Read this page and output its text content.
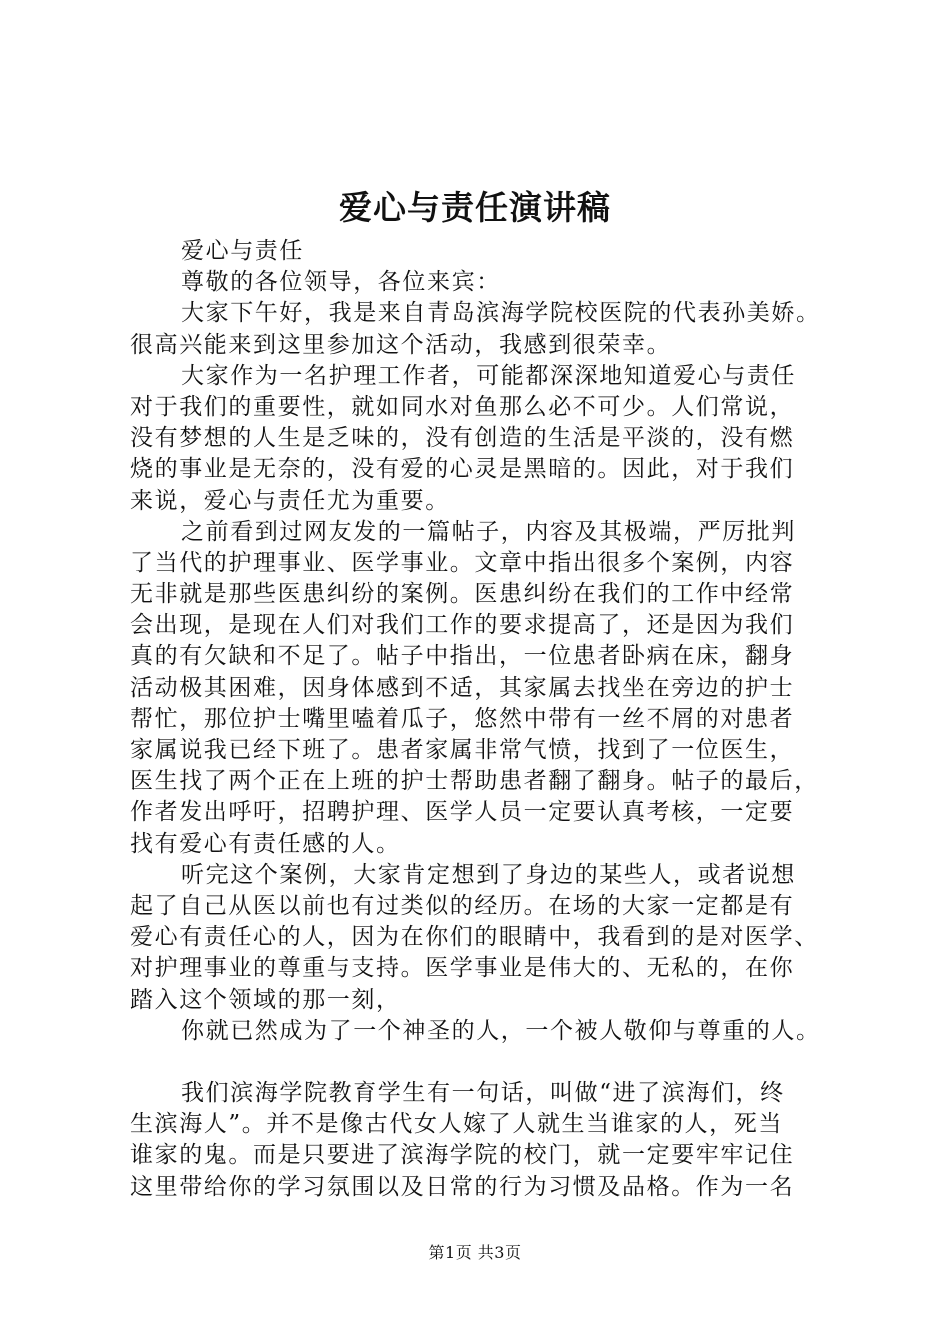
爱心与责任演讲稿
爱心与责任
尊敬的各位领导，各位来宾：
大家下午好，我是来自青岛滨海学院校医院的代表孙美娇。
很高兴能来到这里参加这个活动，我感到很荣幸。
大家作为一名护理工作者，可能都深深地知道爱心与责任
对于我们的重要性，就如同水对鱼那么必不可少。人们常说，
没有梦想的人生是乏味的，没有创造的生活是平淡的，没有燃
烧的事业是无奈的，没有爱的心灵是黑暗的。因此，对于我们
来说，爱心与责任尤为重要。
之前看到过网友发的一篇帖子，内容及其极端，严厉批判
了当代的护理事业、医学事业。文章中指出很多个案例，内容
无非就是那些医患纠纷的案例。医患纠纷在我们的工作中经常
会出现，是现在人们对我们工作的要求提高了，还是因为我们
真的有欠缺和不足了。帖子中指出，一位患者卧病在床，翻身
活动极其困难，因身体感到不适，其家属去找坐在旁边的护士
帮忙，那位护士嘴里嗑着瓜子，悠然中带有一丝不屑的对患者
家属说我已经下班了。患者家属非常气愤，找到了一位医生，
医生找了两个正在上班的护士帮助患者翻了翻身。帖子的最后，
作者发出呼吁，招聘护理、医学人员一定要认真考核，一定要
找有爱心有责任感的人。
听完这个案例，大家肯定想到了身边的某些人，或者说想
起了自己从医以前也有过类似的经历。在场的大家一定都是有
爱心有责任心的人，因为在你们的眼睛中，我看到的是对医学、
对护理事业的尊重与支持。医学事业是伟大的、无私的，在你
踏入这个领域的那一刻，
你就已然成为了一个神圣的人，一个被人敬仰与尊重的人。
我们滨海学院教育学生有一句话，叫做“进了滨海们，终
生滨海人”。并不是像古代女人嫁了人就生当谁家的人，死当
谁家的鬼。而是只要进了滨海学院的校门，就一定要牢牢记住
这里带给你的学习氛围以及日常的行为习惯及品格。作为一名
第1页 共3页
